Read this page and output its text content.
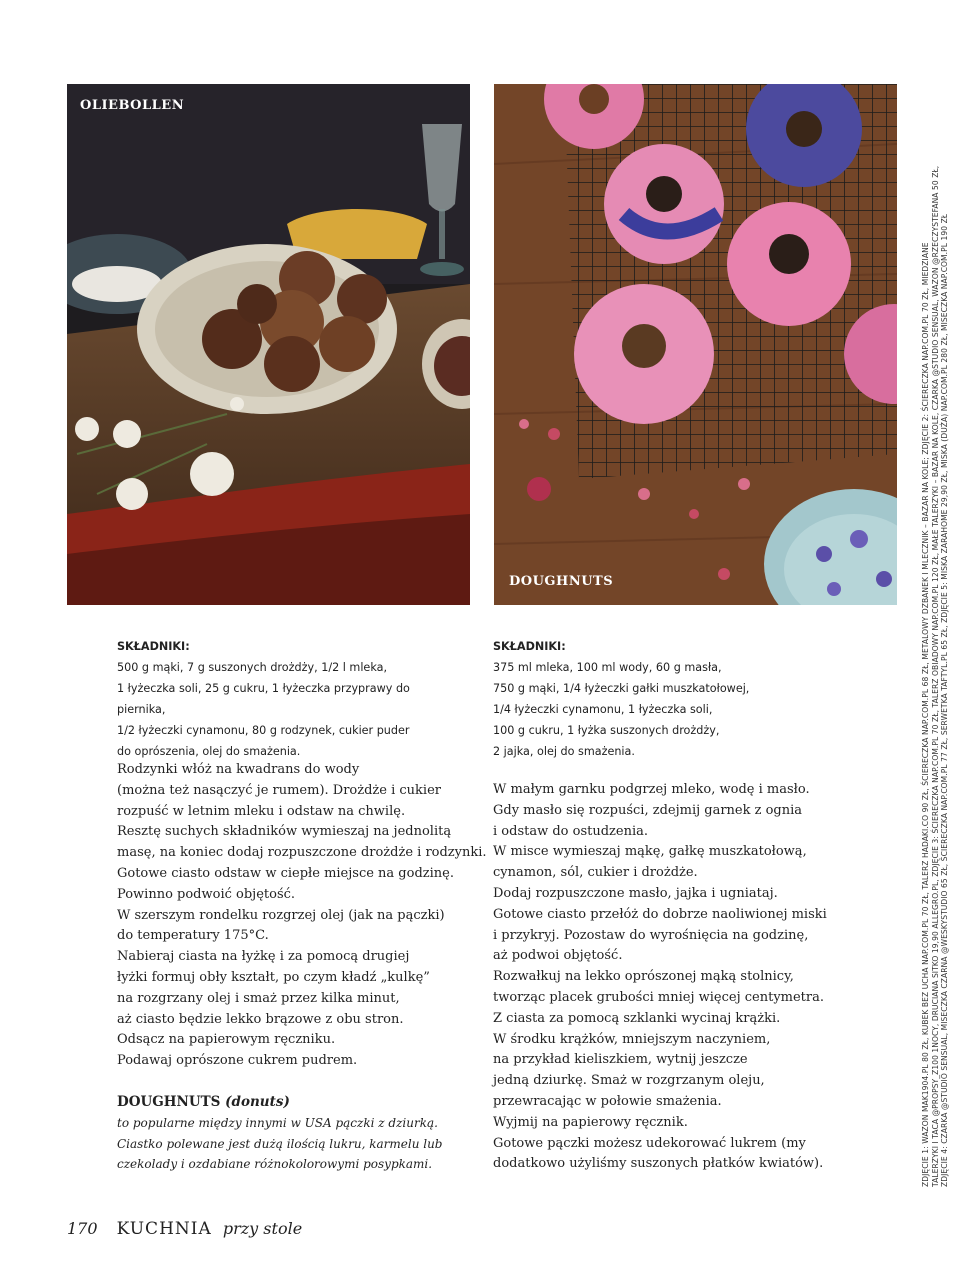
OLIEBOLLEN
DOUGHNUTS
SKŁADNIKI:
500 g mąki, 7 g suszonych drożdży, 1/2 l mleka,
1 łyżeczka soli, 25 g cukru, 1 łyżeczka przyprawy do piernika,
1/2 łyżeczki cynamonu, 80 g rodzynek, cukier puder
do oprószenia, olej do smażenia.
SKŁADNIKI:
375 ml mleka, 100 ml wody, 60 g masła,
750 g mąki, 1/4 łyżeczki gałki muszkatołowej,
1/4 łyżeczki cynamonu, 1 łyżeczka soli,
100 g cukru, 1 łyżka suszonych drożdży,
2 jajka, olej do smażenia.

Rodzynki włóż na kwadrans do wody

(można też nasączyć je rumem). Drożdże i cukier

rozpuść w letnim mleku i odstaw na chwilę.

Resztę suchych składników wymieszaj na jednolitą

masę, na koniec dodaj rozpuszczone drożdże i rodzynki.

Gotowe ciasto odstaw w ciepłe miejsce na godzinę.

Powinno podwoić objętość.

W szerszym rondelku rozgrzej olej (jak na pączki)

do temperatury 175°C.

Nabieraj ciasta na łyżkę i za pomocą drugiej

łyżki formuj obły kształt, po czym kładź „kulkę”

na rozgrzany olej i smaż przez kilka minut,

aż ciasto będzie lekko brązowe z obu stron.

Odsącz na papierowym ręczniku.

Podawaj oprószone cukrem pudrem.

DOUGHNUTS (donuts)

to popularne między innymi w USA pączki z dziurką.

Ciastko polewane jest dużą ilością lukru, karmelu lub

czekolady i ozdabiane różnokolorowymi posypkami.

W małym garnku podgrzej mleko, wodę i masło.

Gdy masło się rozpuści, zdejmij garnek z ognia

i odstaw do ostudzenia.

W misce wymieszaj mąkę, gałkę muszkatołową,

cynamon, sól, cukier i drożdże.

Dodaj rozpuszczone masło, jajka i ugniataj.

Gotowe ciasto przełóż do dobrze naoliwionej miski

i przykryj. Pozostaw do wyrośnięcia na godzinę,

aż podwoi objętość.

Rozwałkuj na lekko oprószonej mąką stolnicy,

tworząc placek grubości mniej więcej centymetra.

Z ciasta za pomocą szklanki wycinaj krążki.

W środku krążków, mniejszym naczyniem,

na przykład kieliszkiem, wytnij jeszcze

jedną dziurkę. Smaż w rozgrzanym oleju,

przewracając w połowie smażenia.

Wyjmij na papierowy ręcznik.

Gotowe pączki możesz udekorować lukrem (my

dodatkowo użyliśmy suszonych płatków kwiatów).

170 KUCHNIA przy stole

ZDJĘCIE 1: WAZON MAK1904.PL 80 ZŁ, KUBEK BEZ UCHA NAP.COM.PL 70 ZŁ, TALERZ HADAKI.CO 90 ZŁ, ŚCIERECZKA NAP.COM.PL 68 ZŁ, METALOWY DZBANEK I MLECZNIK – BAZAR NA KOLE; ZDJĘCIE 2: ŚCIERECZKA NAP.COM.PL 70 ZŁ, MIEDZIANE TALERZYKI I TACA @PROPSY_Z100 1NOCY, DRUCIANA SITKO 19,90 ALLEGRO.PL, ZDJĘCIE 3: ŚCIERECZKA NAP.COM.PL 70 ZŁ, TALERZ OBIADOWY NAP.COM.PL 120 ZŁ, MAŁE TALERZYKI – BAZAR NA KOLE, CZARKA @STUDIO SENSUAL, WAZON @RZECZYSTEFANA 50 ZŁ, ZDJĘCIE 4: CZARKA @STUDIO SENSUAL, MISECZKA CZARNA @WESKYSTUDIO 65 ZŁ, ŚCIERECZKA NAP.COM.PL 77 ZŁ, SERWETKA TAFTYL.PL 65 ZŁ, ZDJĘCIE 5: MISKA ZARAHOME 29,90 ZŁ, MISKA (DUŻA) NAP.COM.PL 280 ZŁ, MISECZKA NAP.COM.PL 190 ZŁ
